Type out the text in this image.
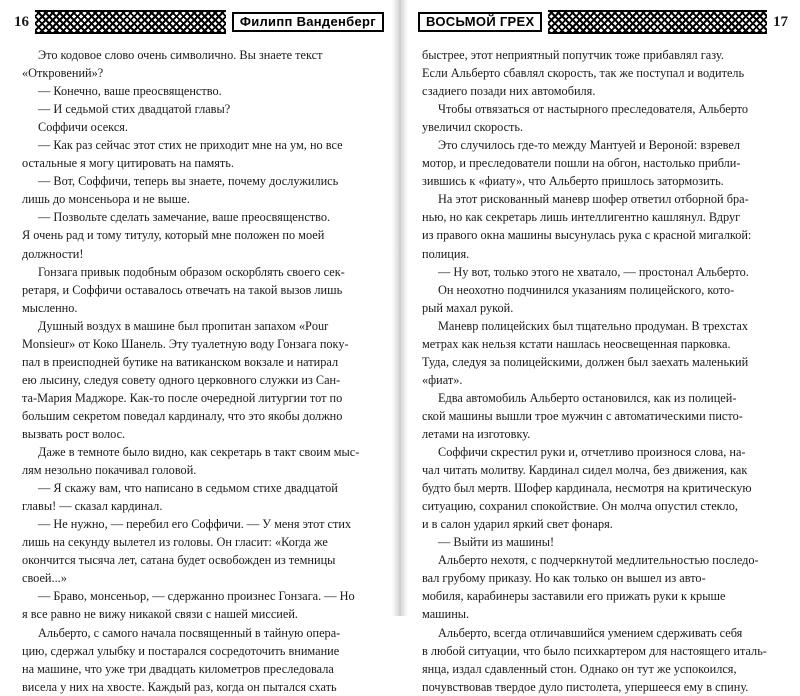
16	Филипп Ванденберг
Это кодовое слово очень символично. Вы знаете текст
«Откровений»?
— Конечно, ваше преосвященство.
— И седьмой стих двадцатой главы?
Соффичи осекся.
— Как раз сейчас этот стих не приходит мне на ум, но все
остальные я могу цитировать на память.
— Вот, Соффичи, теперь вы знаете, почему дослужились
лишь до монсеньора и не выше.
— Позвольте сделать замечание, ваше преосвященство.
Я очень рад и тому титулу, который мне положен по моей
должности!
Гонзага привык подобным образом оскорблять своего сек-
ретаря, и Соффичи оставалось отвечать на такой вызов лишь
мысленно.
Душный воздух в машине был пропитан запахом «Pour
Monsieur» от Коко Шанель. Эту туалетную воду Гонзага поку-
пал в преисподней бутике на ватиканском вокзале и натирал
ею лысину, следуя совету одного церковного служки из Сан-
та-Мария Маджоре. Как-то после очередной литургии тот по
большим секретом поведал кардиналу, что это якобы должно
вызвать рост волос.
Даже в темноте было видно, как секретарь в такт своим мыс-
лям незольно покачивал головой.
— Я скажу вам, что написано в седьмом стихе двадцатой
главы! — сказал кардинал.
— Не нужно, — перебил его Соффичи. — У меня этот стих
лишь на секунду вылетел из головы. Он гласит: «Когда же
окончится тысяча лет, сатана будет освобожден из темницы
своей...»
— Браво, монсеньор, — сдержанно произнес Гонзага. — Но
я все равно не вижу никакой связи с нашей миссией.
Альберто, с самого начала посвященный в тайную опера-
цию, сдержал улыбку и постарался сосредоточить внимание
на машине, что уже три двадцать километров преследовала
висела у них на хвосте. Каждый раз, когда он пытался схать
ВОСЬМОЙ ГРЕХ	17
быстрее, этот неприятный попутчик тоже прибавлял газу.
Если Альберто сбавлял скорость, так же поступал и водитель
сзадиего позади них автомобиля.
Чтобы отвязаться от настырного преследователя, Альберто
увеличил скорость.
Это случилось где-то между Мантуей и Вероной: взревел
мотор, и преследователи пошли на обгон, настолько прибли-
зившись к «фиату», что Альберто пришлось затормозить.
На этот рискованный маневр шофер ответил отборной бра-
нью, но как секретарь лишь интеллигентно кашлянул. Вдруг
из правого окна машины высунулась рука с красной мигалкой:
полиция.
— Ну вот, только этого не хватало, — простонал Альберто.
Он неохотно подчинился указаниям полицейского, кото-
рый махал рукой.
Маневр полицейских был тщательно продуман. В трехстах
метрах как нельзя кстати нашлась неосвещенная парковка.
Туда, следуя за полицейскими, должен был заехать маленький
«фиат».
Едва автомобиль Альберто остановился, как из полицей-
ской машины вышли трое мужчин с автоматическими писто-
летами на изготовку.
Соффичи скрестил руки и, отчетливо произнося слова, на-
чал читать молитву. Кардинал сидел молча, без движения, как
будто был мертв. Шофер кардинала, несмотря на критическую
ситуацию, сохранил спокойствие. Он молча опустил стекло,
и в салон ударил яркий свет фонаря.
— Выйти из машины!
Альберто нехотя, с подчеркнутой медлительностью последо-
вал грубому приказу. Но как только он вышел из авто-
мобиля, карабинеры заставили его прижать руки к крыше
машины.
Альберто, всегда отличавшийся умением сдерживать себя
в любой ситуации, что было психкартером для настоящего италь-
янца, издал сдавленный стон. Однако он тут же успокоился,
почувствовав твердое дуло пистолета, упершееся ему в спину.
